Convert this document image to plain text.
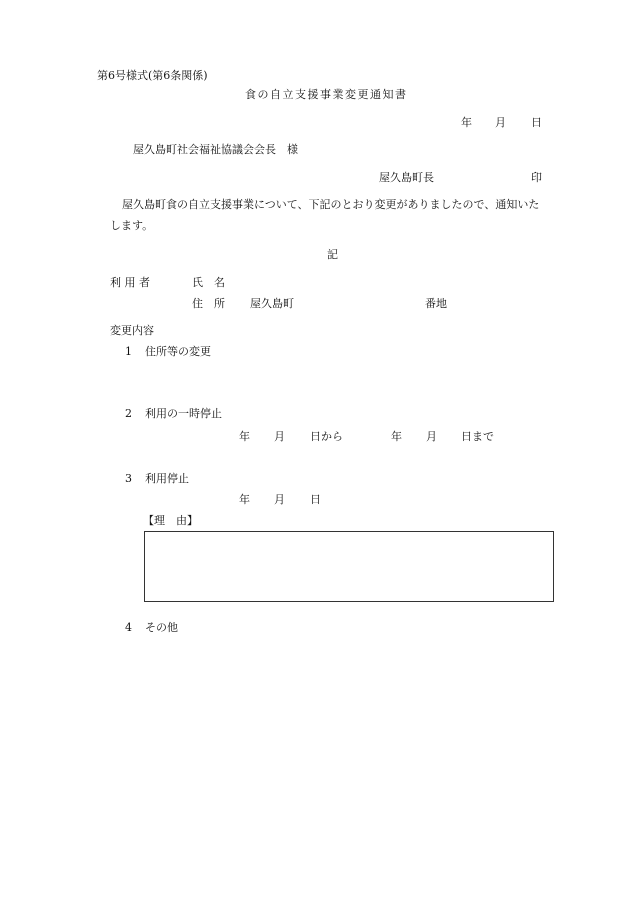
第6号様式(第6条関係)
食の自立支援事業変更通知書
年 月 日
屋久島町社会福祉協議会会長　様
屋久島町長	印
屋久島町食の自立支援事業について、下記のとおり変更がありましたので、通知いた
します。
記
利 用 者	氏　名
住　所 屋久島町	番地
変更内容
1 住所等の変更
2 利用の一時停止
年 月 日から	年 月 日まで
3 利用停止
年 月 日
【理　由】
4 その他
